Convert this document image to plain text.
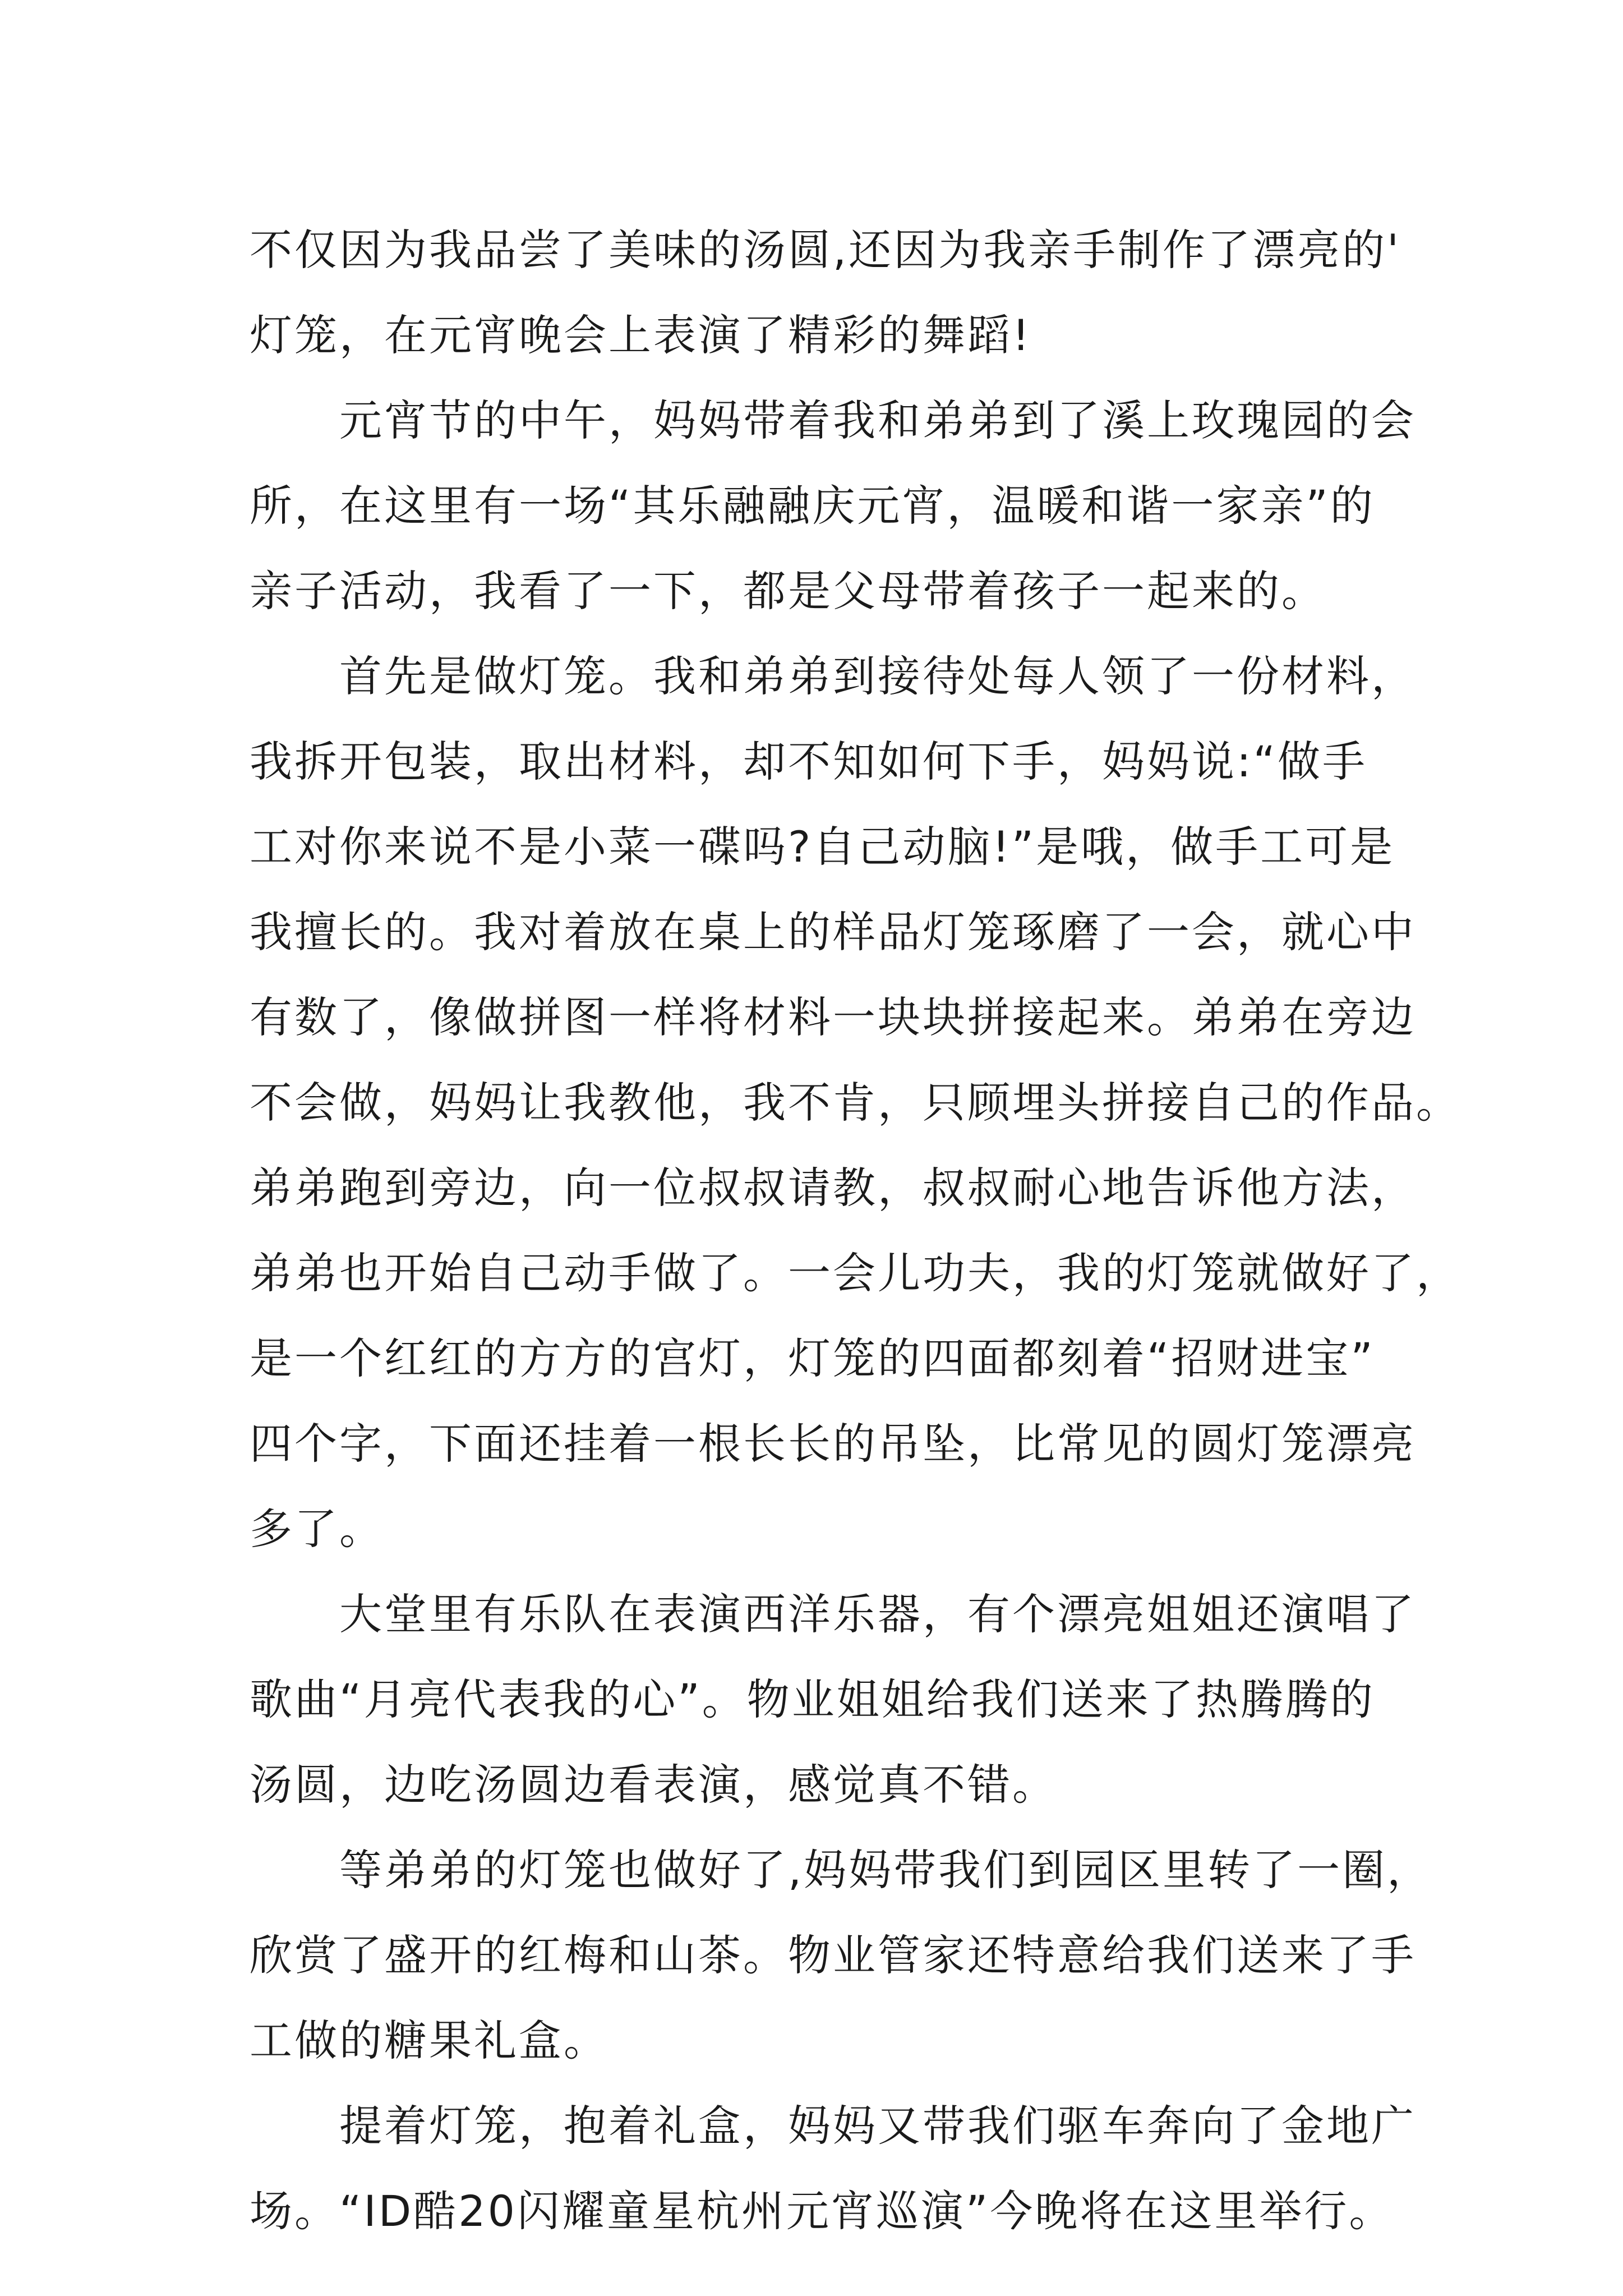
不仅因为我品尝了美味的汤圆,还因为我亲手制作了漂亮的'
灯笼，在元宵晚会上表演了精彩的舞蹈!
元宵节的中午，妈妈带着我和弟弟到了溪上玫瑰园的会
所，在这里有一场“其乐融融庆元宵，温暖和谐一家亲”的
亲子活动，我看了一下，都是父母带着孩子一起来的。
首先是做灯笼。我和弟弟到接待处每人领了一份材料，
我拆开包装，取出材料，却不知如何下手，妈妈说:“做手
工对你来说不是小菜一碟吗?自己动脑!”是哦，做手工可是
我擅长的。我对着放在桌上的样品灯笼琢磨了一会，就心中
有数了，像做拼图一样将材料一块块拼接起来。弟弟在旁边
不会做，妈妈让我教他，我不肯，只顾埋头拼接自己的作品。
弟弟跑到旁边，向一位叔叔请教，叔叔耐心地告诉他方法，
弟弟也开始自己动手做了。一会儿功夫，我的灯笼就做好了，
是一个红红的方方的宫灯，灯笼的四面都刻着“招财进宝”
四个字，下面还挂着一根长长的吊坠，比常见的圆灯笼漂亮
多了。
大堂里有乐队在表演西洋乐器，有个漂亮姐姐还演唱了
歌曲“月亮代表我的心”。物业姐姐给我们送来了热腾腾的
汤圆，边吃汤圆边看表演，感觉真不错。
等弟弟的灯笼也做好了,妈妈带我们到园区里转了一圈，
欣赏了盛开的红梅和山茶。物业管家还特意给我们送来了手
工做的糖果礼盒。
提着灯笼，抱着礼盒，妈妈又带我们驱车奔向了金地广
场。“ID酷20闪耀童星杭州元宵巡演”今晚将在这里举行。
